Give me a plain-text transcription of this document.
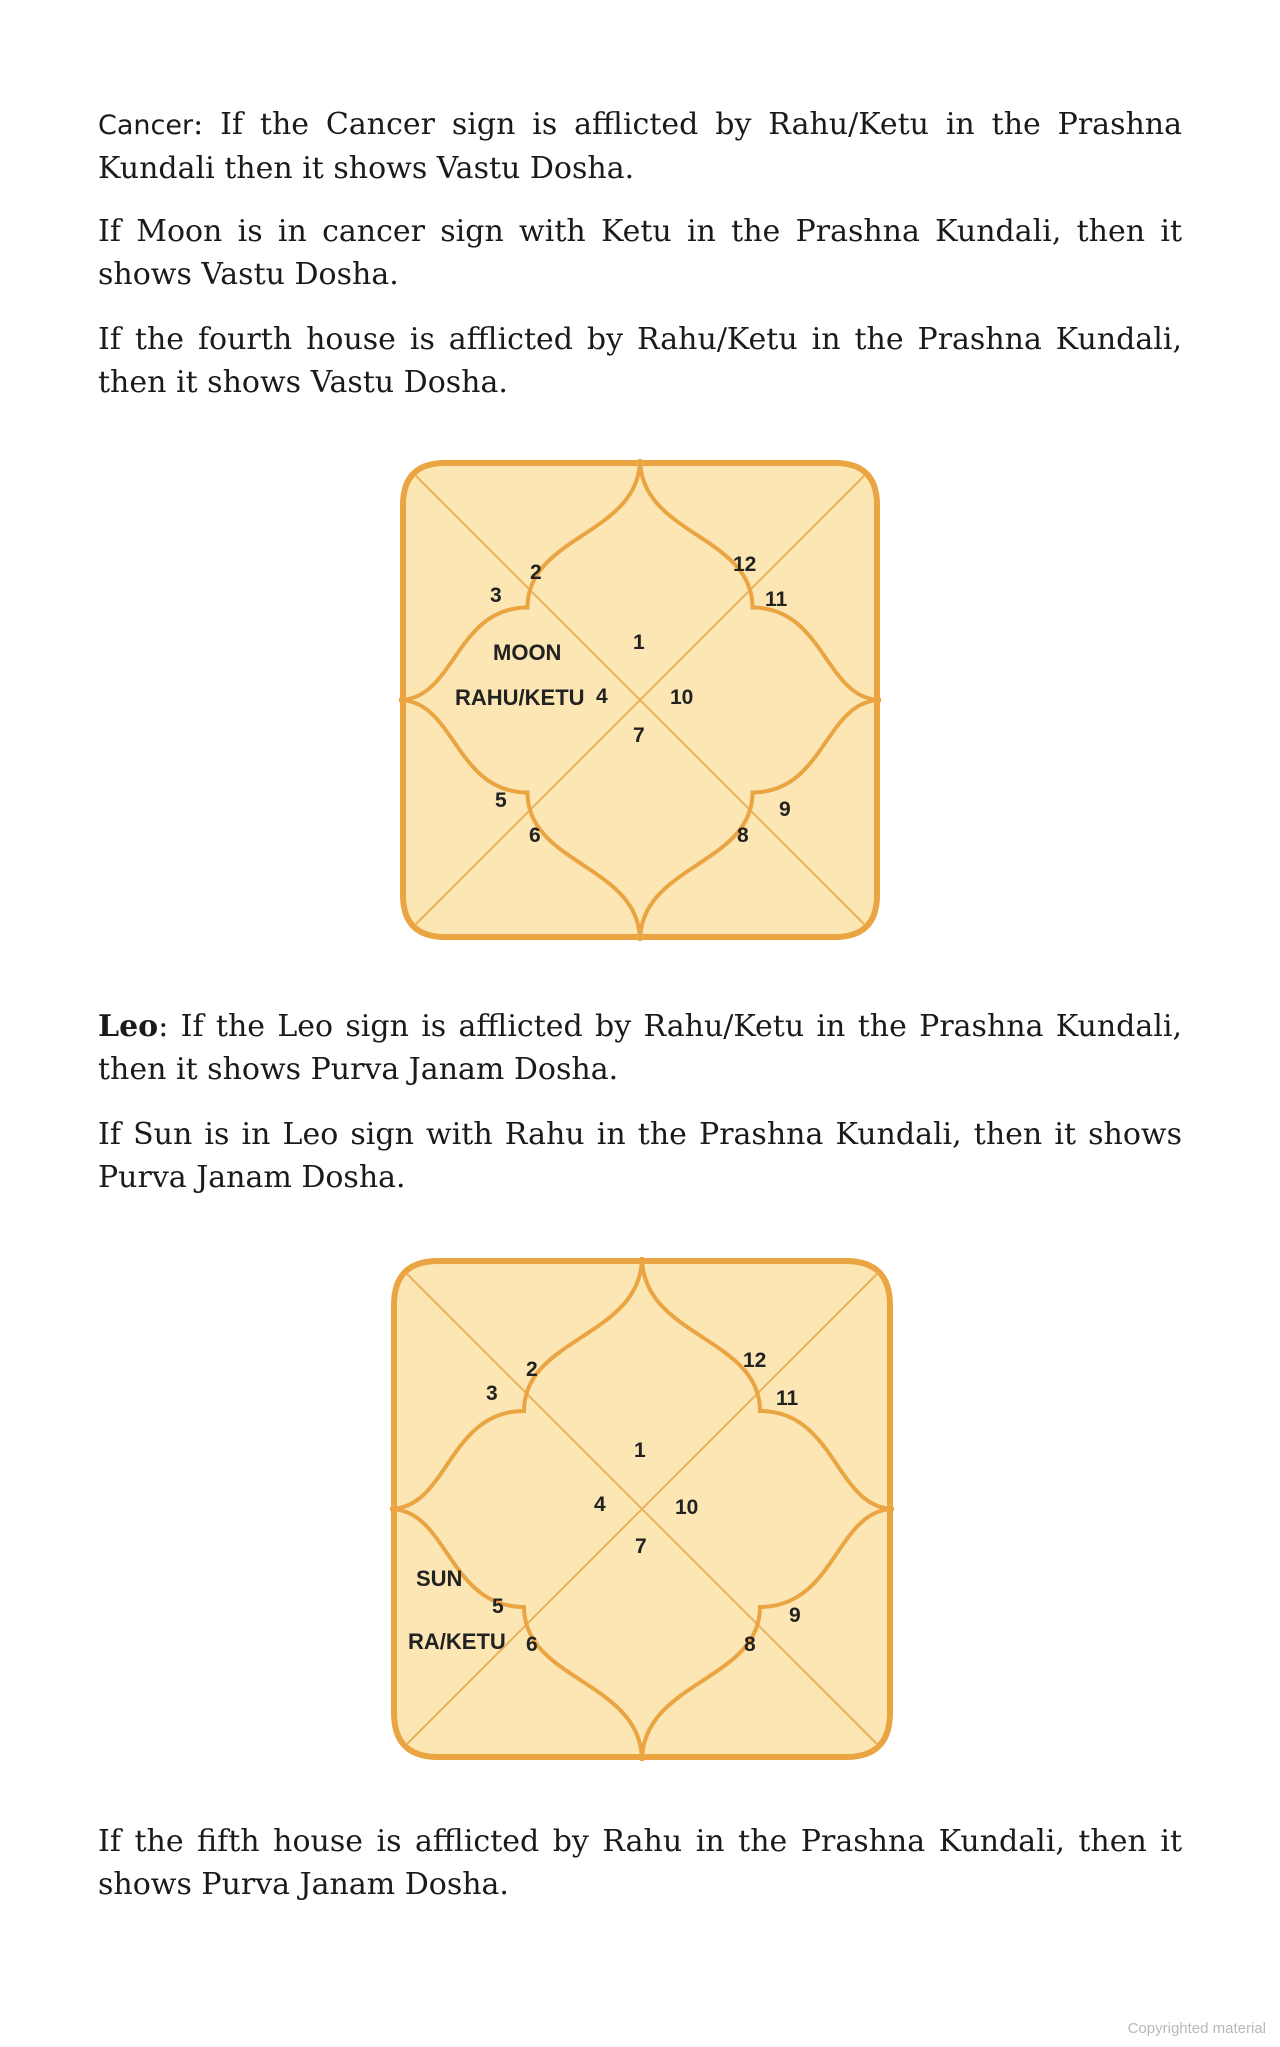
Cancer: If the Cancer sign is afflicted by Rahu/Ketu in the Prashna Kundali then it shows Vastu Dosha.

If Moon is in cancer sign with Ketu in the Prashna Kundali, then it shows Vastu Dosha.

If the fourth house is afflicted by Rahu/Ketu in the Prashna Kundali, then it shows Vastu Dosha.

1
2
3
4
5
6
7
8
9
10
11
12
MOON
RAHU/KETU

Leo: If the Leo sign is afflicted by Rahu/Ketu in the Prashna Kundali, then it shows Purva Janam Dosha.

If Sun is in Leo sign with Rahu in the Prashna Kundali, then it shows Purva Janam Dosha.

1
2
3
4
5
6
7
8
9
10
11
12
SUN
RA/KETU

If the fifth house is afflicted by Rahu in the Prashna Kundali, then it shows Purva Janam Dosha.

Copyrighted material
